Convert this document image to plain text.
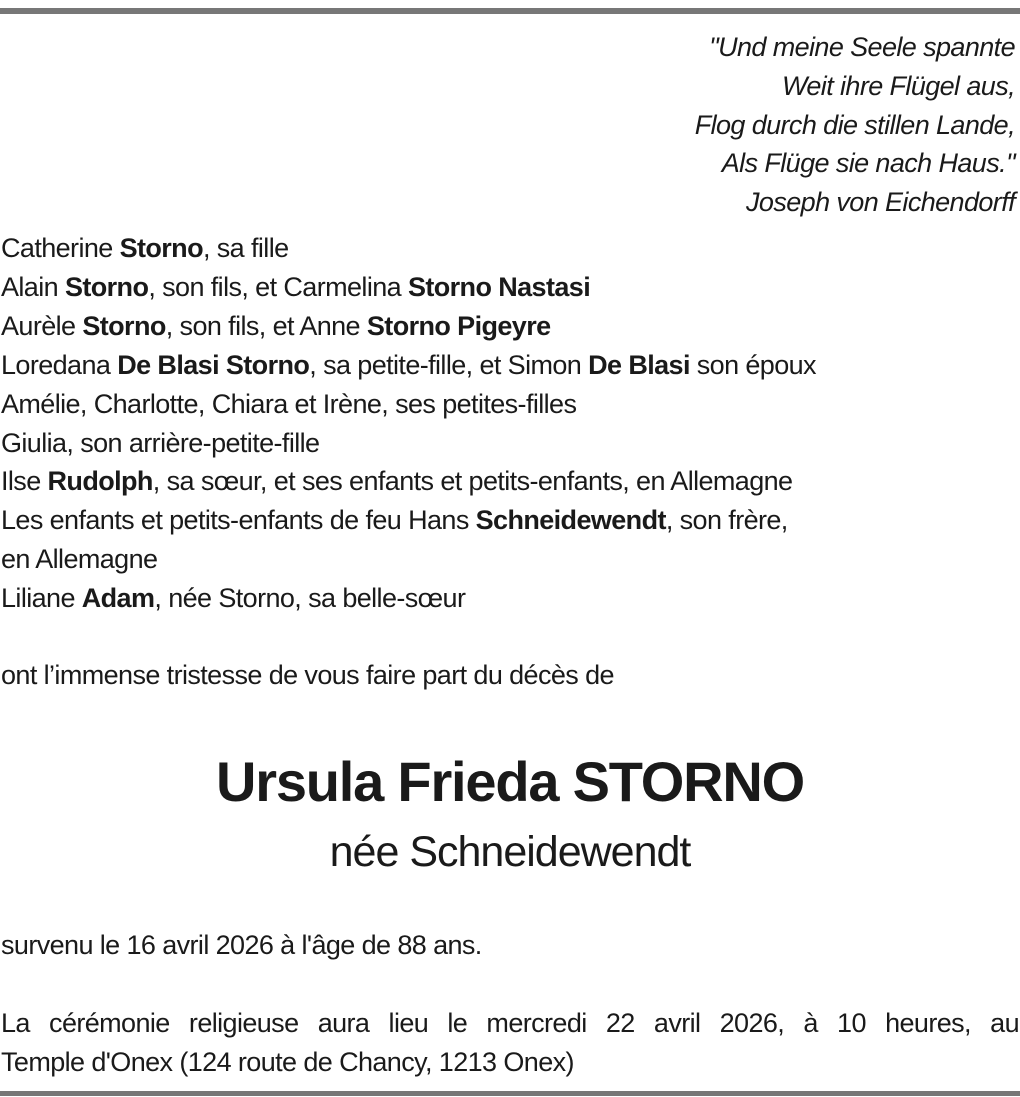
"Und meine Seele spannte
Weit ihre Flügel aus,
Flog durch die stillen Lande,
Als Flüge sie nach Haus."
Joseph von Eichendorff
Catherine Storno, sa fille
Alain Storno, son fils, et Carmelina Storno Nastasi
Aurèle Storno, son fils, et Anne Storno Pigeyre
Loredana De Blasi Storno, sa petite-fille, et Simon De Blasi son époux
Amélie, Charlotte, Chiara et Irène, ses petites-filles
Giulia, son arrière-petite-fille
Ilse Rudolph, sa sœur, et ses enfants et petits-enfants, en Allemagne
Les enfants et petits-enfants de feu Hans Schneidewendt, son frère,
en Allemagne
Liliane Adam, née Storno, sa belle-sœur
ont l’immense tristesse de vous faire part du décès de
Ursula Frieda STORNO
née Schneidewendt
survenu le 16 avril 2026 à l'âge de 88 ans.
La cérémonie religieuse aura lieu le mercredi 22 avril 2026, à 10 heures, au
Temple d'Onex (124 route de Chancy, 1213 Onex)
